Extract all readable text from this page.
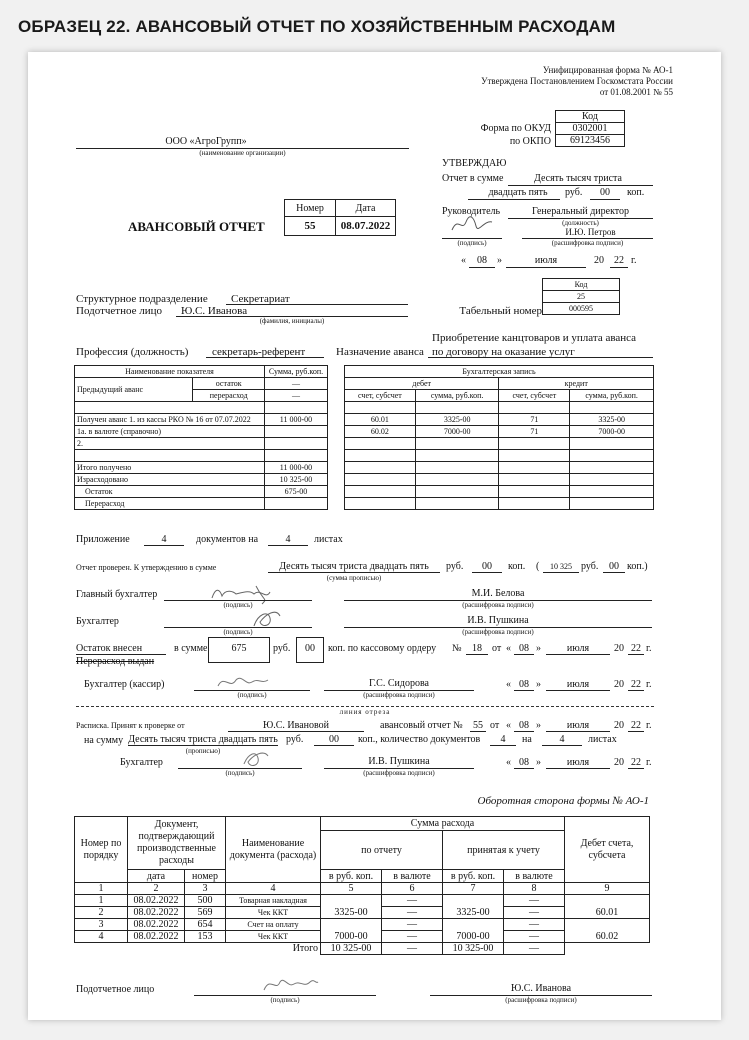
ОБРАЗЕЦ 22. АВАНСОВЫЙ ОТЧЕТ ПО ХОЗЯЙСТВЕННЫМ РАСХОДАМ
Унифицированная форма № АО-1
Утверждена Постановлением Госкомстата России
от 01.08.2001 № 55
Код
0302001
69123456
Форма по ОКУД
по ОКПО
ООО «АгроГрупп»
(наименование организации)
УТВЕРЖДАЮ
Отчет в сумме	Десять тысяч триста
двадцать пять	руб.	00	коп.
Руководитель	Генеральный директор
(должность)
(подпись)
И.Ю. Петров
(расшифровка подписи)
«	08	»	июля	20	22 г.
АВАНСОВЫЙ ОТЧЕТ
Номер	Дата
55	08.07.2022
Код
25
000595
Структурное подразделение Секретариат
Подотчетное лицо Ю.С. Иванова
(фамилия, инициалы)
Табельный номер
Приобретение канцтоваров и уплата аванса
Профессия (должность) секретарь-референт	Назначение аванса по договору на оказание услуг
Наименование показателя		Сумма, руб.коп.
Предыдущий аванс	остаток	—
	перерасход	—

Получен аванс 1. из кассы РКО № 16 от 07.07.2022		11 000-00
1а. в валюте (справочно)		
2.		

Итого получено		11 000-00
Израсходовано		10 325-00
Остаток		675-00
Перерасход		
Бухгалтерская запись			
дебет		кредит	
счет, субсчет	сумма, руб.коп.	счет, субсчет	сумма, руб.коп.

60.01	3325-00	71	3325-00
60.02	7000-00	71	7000-00

Приложение	4	документов на	4	листах
Отчет проверен. К утверждению в сумме	Десять тысяч триста двадцать пять
(сумма прописью)
руб.	00	коп. (	10 325 руб.	00 коп.)
Главный бухгалтер
(подпись)
М.И. Белова
(расшифровка подписи)
Бухгалтер
(подпись)
И.В. Пушкина
(расшифровка подписи)
Остаток внесен
Перерасход выдан
в сумме	675	руб.	00	коп. по кассовому ордеру №	18	от « 08 »	июля	20 22 г.
Бухгалтер (кассир)
(подпись)
Г.С. Сидорова
(расшифровка подписи)
« 08 »	июля	20 22 г.
линия отреза
Расписка. Принят к проверке от	Ю.С. Ивановой	авансовый отчет №	55 от « 08 »	июля	20 22 г.
на сумму Десять тысяч триста двадцать пять
(прописью)
руб.	00	коп., количество документов	4	на	4	листах
Бухгалтер
(подпись)
И.В. Пушкина
(расшифровка подписи)
« 08 »	июля	20 22 г.
Оборотная сторона формы № АО-1
Номер по порядку	Документ, подтверждающий производственные расходы		Наименование документа (расхода)	Сумма расхода				Дебет счета, субсчета
				по отчету		принятая к учету		
	дата	номер		в руб. коп.	в валюте	в руб. коп.	в валюте	
1	2	3	4	5	6	7	8	9
1	08.02.2022	500	Товарная накладная	3325-00	—	3325-00	—	60.01
2	08.02.2022	569	Чек ККТ		—		—	
3	08.02.2022	654	Счет на оплату	7000-00	—	7000-00	—	60.02
4	08.02.2022	153	Чек ККТ		—		—	
Итого				10 325-00	—	10 325-00	—	
Подотчетное лицо
(подпись)
Ю.С. Иванова
(расшифровка подписи)
